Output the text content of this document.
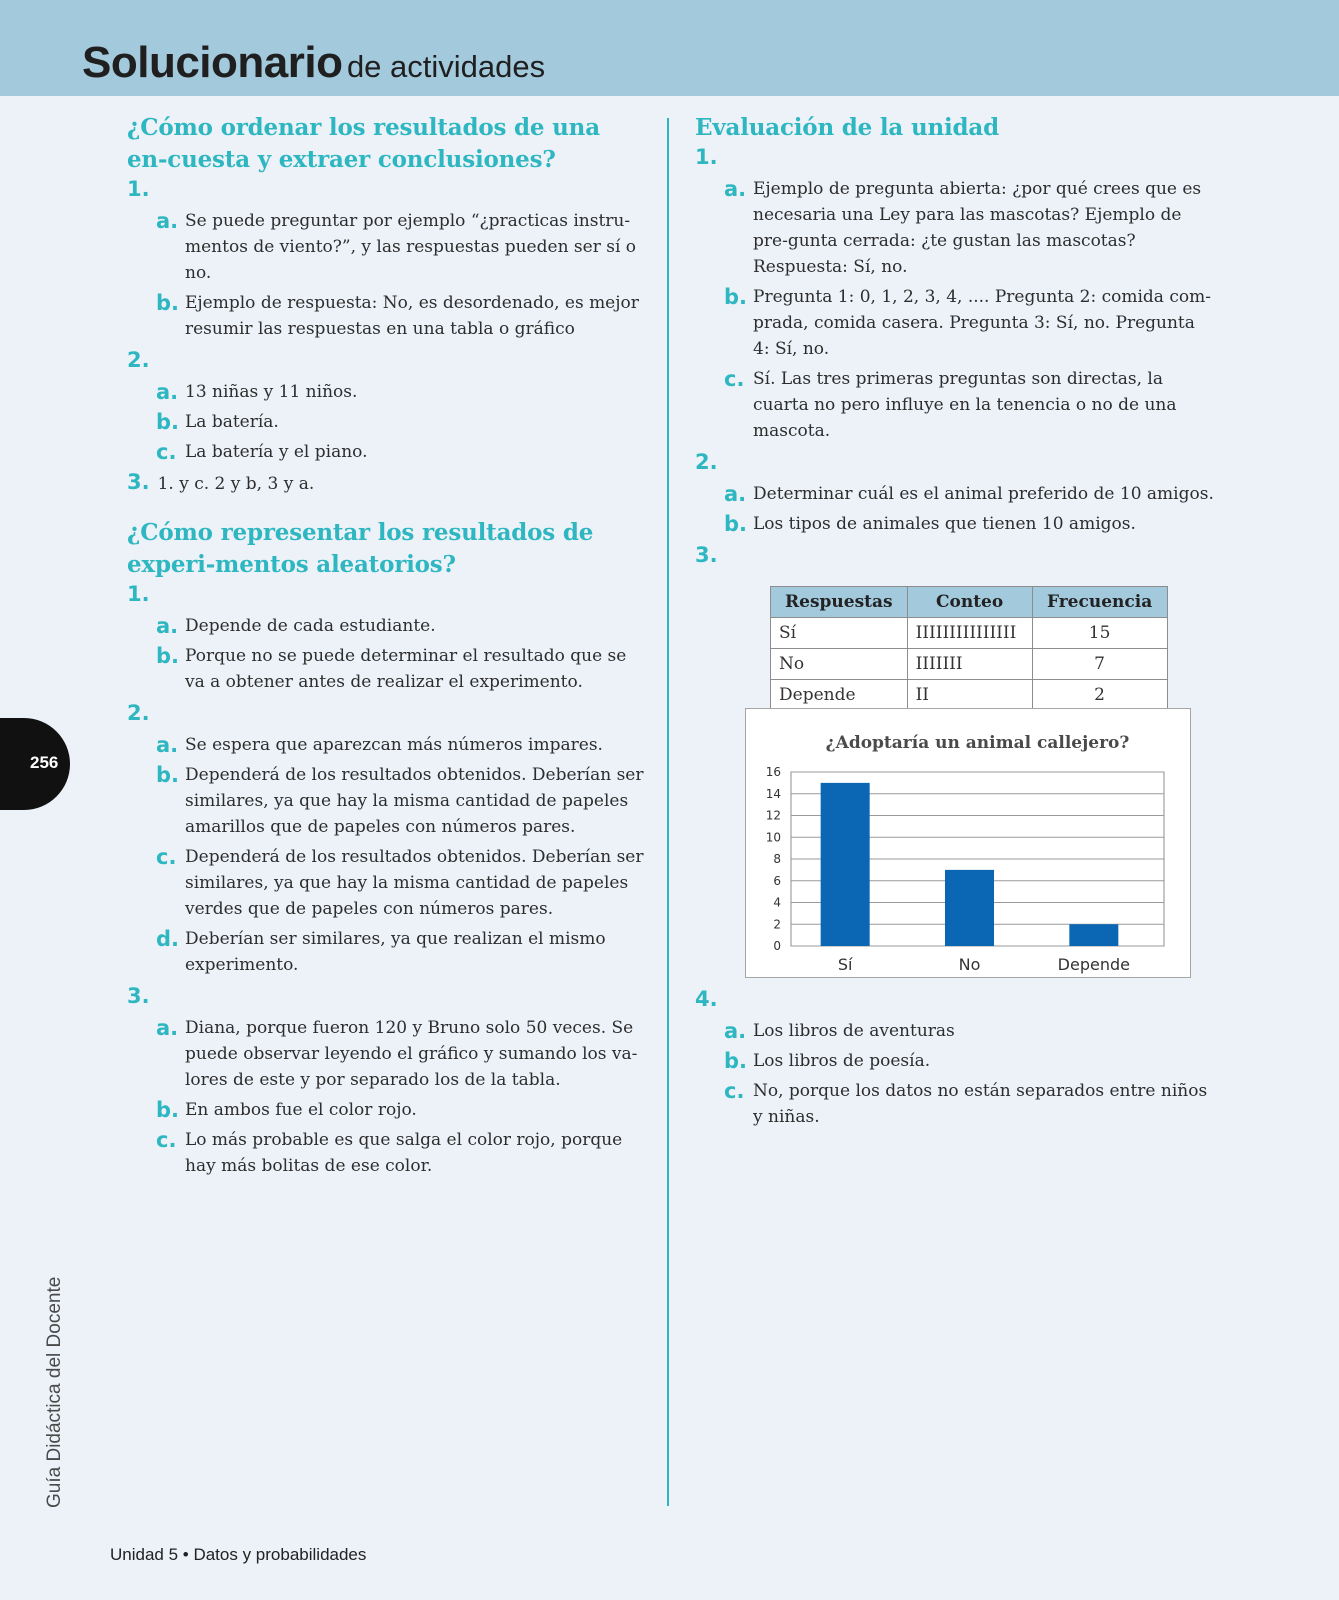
Solucionario de actividades
¿Cómo ordenar los resultados de una en-cuesta y extraer conclusiones?
1.
a. Se puede preguntar por ejemplo “¿practicas instru-mentos de viento?”, y las respuestas pueden ser sí o no.
b. Ejemplo de respuesta: No, es desordenado, es mejor resumir las respuestas en una tabla o gráfico
2.
a. 13 niñas y 11 niños.
b. La batería.
c. La batería y el piano.
3. 1. y c. 2 y b, 3 y a.
¿Cómo representar los resultados de experi-mentos aleatorios?
1.
a. Depende de cada estudiante.
b. Porque no se puede determinar el resultado que se va a obtener antes de realizar el experimento.
2.
a. Se espera que aparezcan más números impares.
b. Dependerá de los resultados obtenidos. Deberían ser similares, ya que hay la misma cantidad de papeles amarillos que de papeles con números pares.
c. Dependerá de los resultados obtenidos. Deberían ser similares, ya que hay la misma cantidad de papeles verdes que de papeles con números pares.
d. Deberían ser similares, ya que realizan el mismo experimento.
3.
a. Diana, porque fueron 120 y Bruno solo 50 veces. Se puede observar leyendo el gráfico y sumando los va-lores de este y por separado los de la tabla.
b. En ambos fue el color rojo.
c. Lo más probable es que salga el color rojo, porque hay más bolitas de ese color.
Evaluación de la unidad
1.
a. Ejemplo de pregunta abierta: ¿por qué crees que es necesaria una Ley para las mascotas? Ejemplo de pre-gunta cerrada: ¿te gustan las mascotas? Respuesta: Sí, no.
b. Pregunta 1: 0, 1, 2, 3, 4, .... Pregunta 2: comida com-prada, comida casera. Pregunta 3: Sí, no. Pregunta 4: Sí, no.
c. Sí. Las tres primeras preguntas son directas, la cuarta no pero influye en la tenencia o no de una mascota.
2.
a. Determinar cuál es el animal preferido de 10 amigos.
b. Los tipos de animales que tienen 10 amigos.
3.
Respuestas	Conteo	Frecuencia
Sí	IIIIIIIIIIIIIII	15
No	IIIIIII	7
Depende	II	2
¿Adoptaría un animal callejero?
0
2
4
6
8
10
12
14
16
Sí	No	Depende
4.
a. Los libros de aventuras
b. Los libros de poesía.
c. No, porque los datos no están separados entre niños y niñas.
256
Guía Didáctica del Docente
Unidad 5 • Datos y probabilidades
